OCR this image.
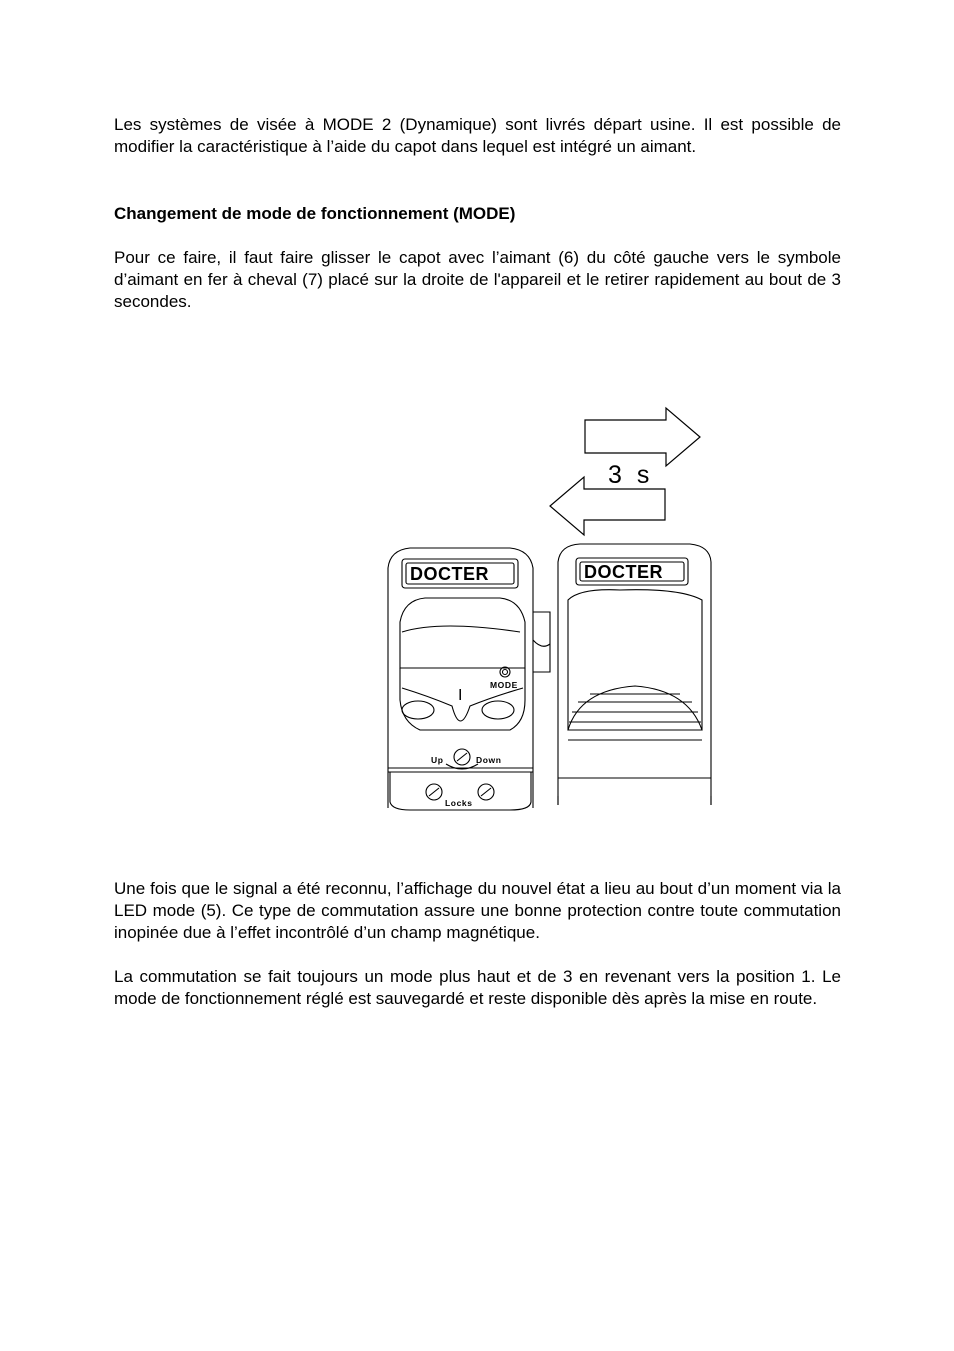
Les systèmes de visée à MODE 2 (Dynamique) sont livrés départ usine. Il est possible de modifier la caractéristique à l’aide du capot dans lequel est intégré un aimant.

Changement de mode de fonctionnement (MODE)

Pour ce faire, il faut faire glisser le capot avec l’aimant (6) du côté gauche vers le symbole d’aimant en fer à cheval (7) placé sur la droite de l'appareil et le retirer rapidement au bout de 3 secondes.

3 s
DOCTER
MODE
I
Up	Down
Locks
DOCTER

Une fois que le signal a été reconnu, l’affichage du nouvel état a lieu au bout d’un moment via la LED mode (5). Ce type de commutation assure une bonne protection contre toute commutation inopinée due à l’effet incontrôlé d’un champ magnétique.

La commutation se fait toujours un mode plus haut et de 3 en revenant vers la position 1. Le mode de fonctionnement réglé est sauvegardé et reste disponible dès après la mise en route.
